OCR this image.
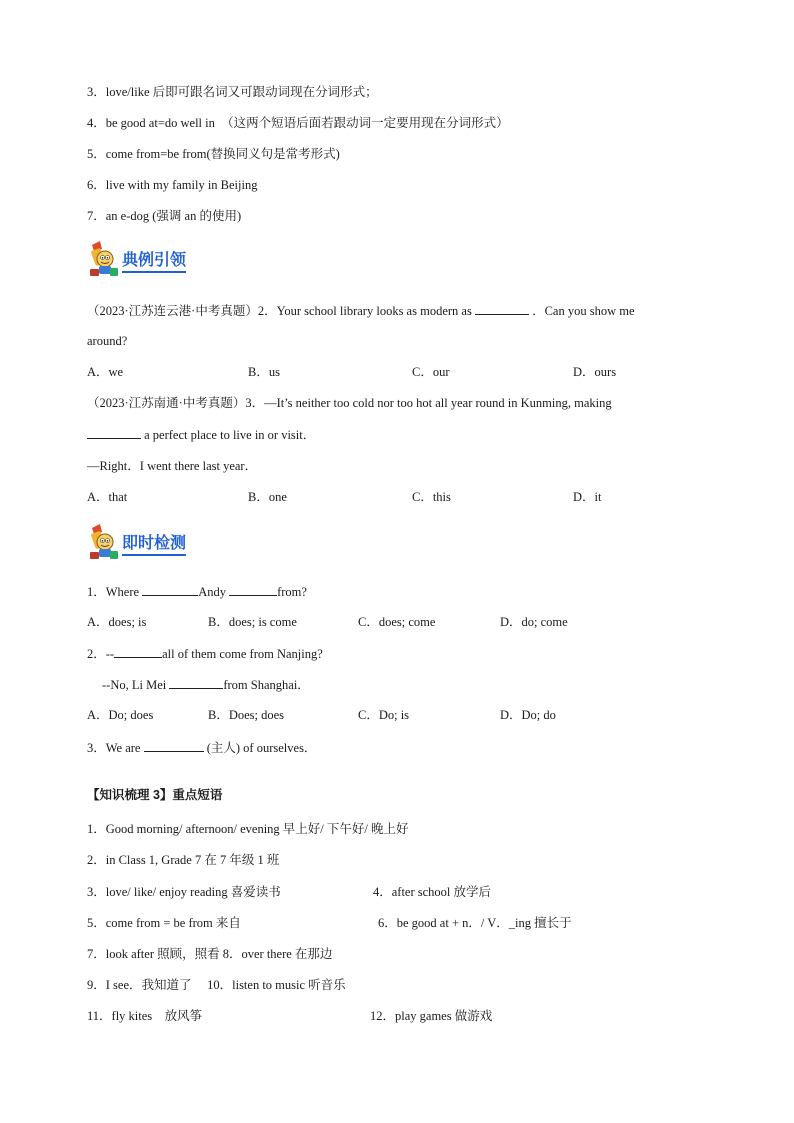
3．love/like 后即可跟名词又可跟动词现在分词形式；
4．be good at=do well in　（这两个短语后面若跟动词一定要用现在分词形式）
5．come from=be from(替换同义句是常考形式)
6．live with my family in Beijing
7．an e-dog (强调 an 的使用)
典例引领
（2023·江苏连云港·中考真题）2．Your school library looks as modern as	．Can you show me
around?
A．we	B．us	C．our	D．ours
（2023·江苏南通·中考真题）3．—It’s neither too cold nor too hot all year round in Kunming, making
a perfect place to live in or visit．
—Right．I went there last year．
A．that	B．one	C．this	D．it
即时检测
1．Where	Andy	from?
A．does; is	B．does; is come	C．does; come	D．do; come
2．--	all of them come from Nanjing?
--No, Li Mei	from Shanghai．
A．Do; does	B．Does; does	C．Do; is	D．Do; do
3．We are	(主人) of ourselves．
【知识梳理 3】重点短语
1．Good morning/ afternoon/ evening 早上好/ 下午好/ 晚上好
2．in Class 1, Grade 7 在 7 年级 1 班
3．love/ like/ enjoy reading 喜爱读书	4．after school 放学后
5．come from = be from 来自	6．be good at + n．/ V．_ing 擅长于
7．look after 照顾，照看 8．over there 在那边
9．I see．我知道了　 10．listen to music 听音乐
11．fly kites　放风筝	12．play games 做游戏
